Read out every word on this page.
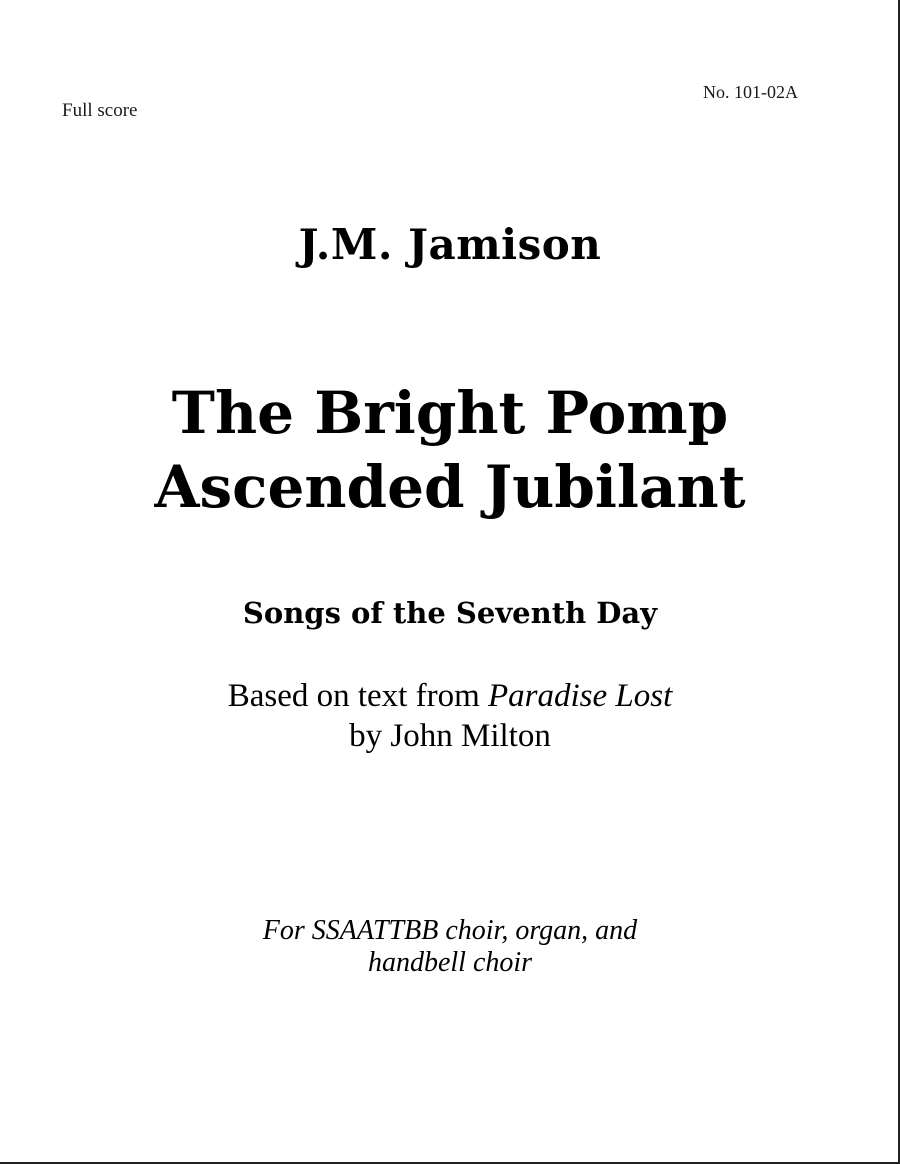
Full score
No. 101-02A
J.M. Jamison
The Bright Pomp
Ascended Jubilant
Songs of the Seventh Day
Based on text from Paradise Lost
by John Milton
For SSAATTBB choir, organ, and
handbell choir
